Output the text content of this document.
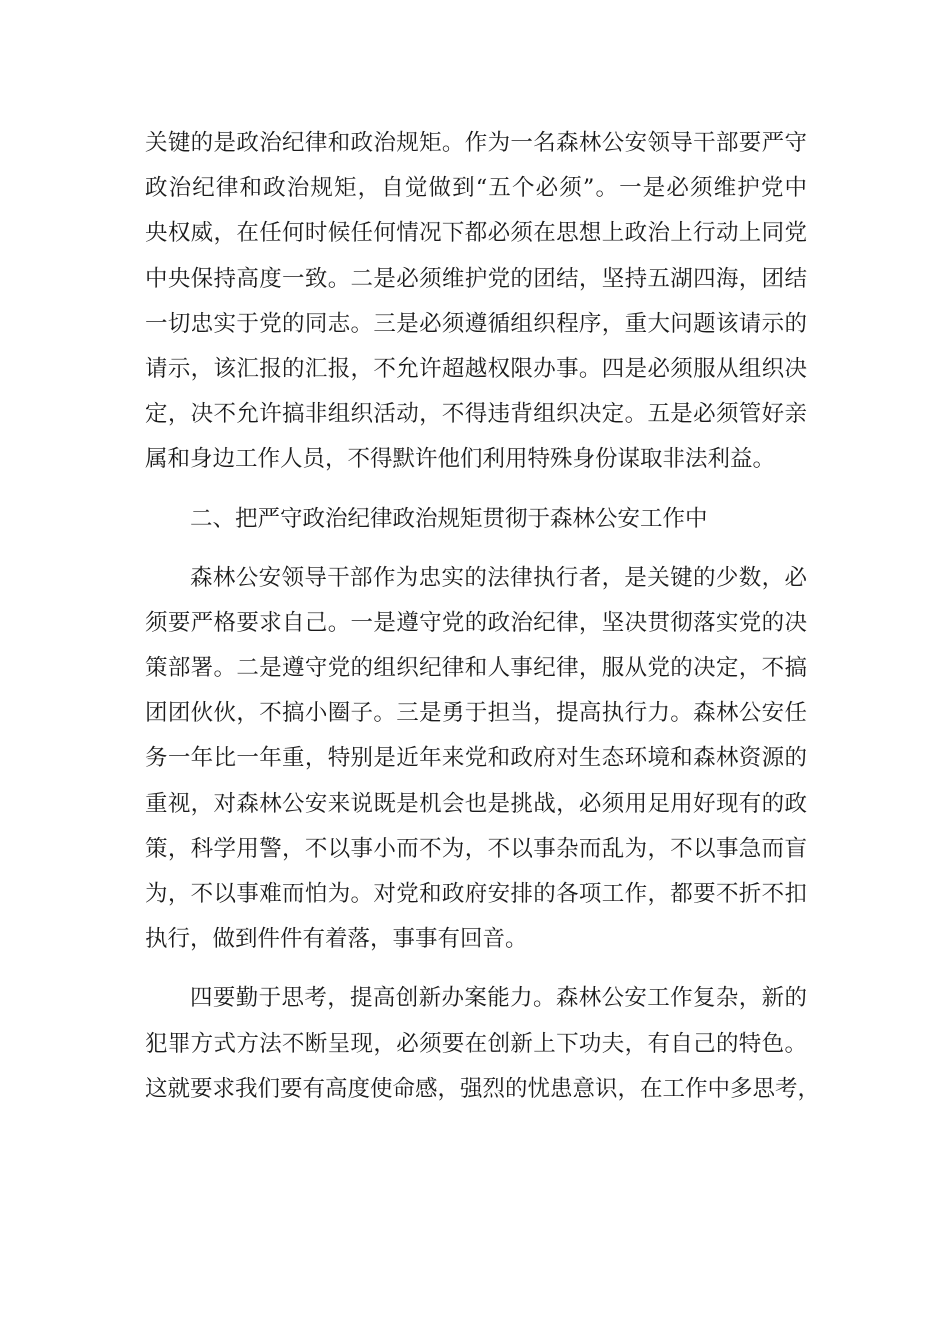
关键的是政治纪律和政治规矩。作为一名森林公安领导干部要严守
政治纪律和政治规矩，自觉做到“五个必须”。一是必须维护党中
央权威，在任何时候任何情况下都必须在思想上政治上行动上同党
中央保持高度一致。二是必须维护党的团结，坚持五湖四海，团结
一切忠实于党的同志。三是必须遵循组织程序，重大问题该请示的
请示，该汇报的汇报，不允许超越权限办事。四是必须服从组织决
定，决不允许搞非组织活动，不得违背组织决定。五是必须管好亲
属和身边工作人员，不得默许他们利用特殊身份谋取非法利益。
二、把严守政治纪律政治规矩贯彻于森林公安工作中
森林公安领导干部作为忠实的法律执行者，是关键的少数，必
须要严格要求自己。一是遵守党的政治纪律，坚决贯彻落实党的决
策部署。二是遵守党的组织纪律和人事纪律，服从党的决定，不搞
团团伙伙，不搞小圈子。三是勇于担当，提高执行力。森林公安任
务一年比一年重，特别是近年来党和政府对生态环境和森林资源的
重视，对森林公安来说既是机会也是挑战，必须用足用好现有的政
策，科学用警，不以事小而不为，不以事杂而乱为，不以事急而盲
为，不以事难而怕为。对党和政府安排的各项工作，都要不折不扣
执行，做到件件有着落，事事有回音。
四要勤于思考，提高创新办案能力。森林公安工作复杂，新的
犯罪方式方法不断呈现，必须要在创新上下功夫，有自己的特色。
这就要求我们要有高度使命感，强烈的忧患意识，在工作中多思考，
